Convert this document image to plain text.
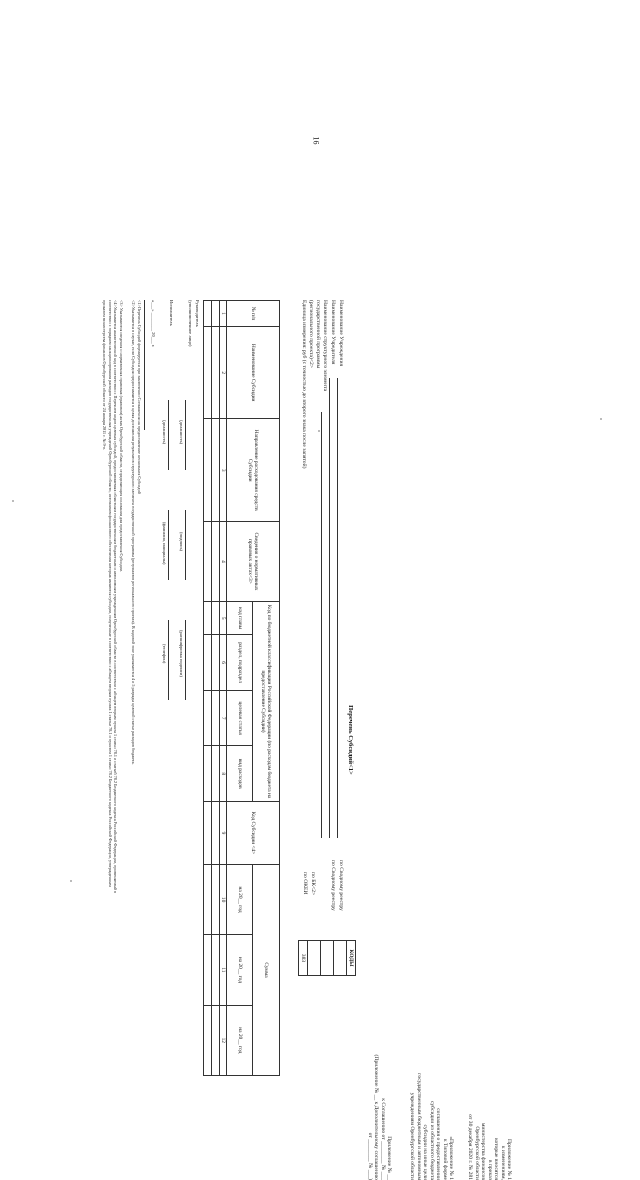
16
Приложение № 1
к изменениям,
которые вносятся
в приказ
министерства финансов
Оренбургской области
от 30 декабря 2020 г. № 281
«Приложение № 1
к Типовой форме
соглашения о предоставлении
субсидии из областного бюджета
субсидии на иные цели
государственным бюджетным и автономным
учреждениям Оренбургской области
Приложение № __
к Соглашению от ________ № ___
(Приложение № __ к Дополнительному соглашению
от ________ № ___)
Перечень Субсидий<1>
Наименование Учреждения
Наименование Учредителя
Наименование структурного элемента
государственной программы
(регионального проекта)<2>
Единица измерения: руб (с точностью до второго знака после запятой)
по Сводному реестру
по Сводному реестру
по БК<2>
по ОКЕИ
КОДЫ

383
№ п/п	Наименование Субсидии	Направление расходования средств Субсидии	Сведения о нормативных правовых актах<3>	Код по бюджетной классификации Российской Федерации (по расходам бюджета на предоставление Субсидии)				Код Субсидии <4>	Сумма		
				код главы	раздел, подраздел	целевая статья	вид расходов		на 20__ год	на 20__ год	на 20__ год
1	2	3	4	5	6	7	8	9	10	11	12

Руководитель
(уполномоченное лицо)
(должность)
(подпись)
(расшифровка подписи)
Исполнитель
(должность)
(фамилия, инициалы)
(телефон)
«___» ________ 20___ г.
<1>Перечень Субсидий формируется при заключении Соглашения на предоставление нескольких Субсидий
<2>Указывается в случае, если Субсидия предоставляется в целях достижения результатов структурного элемента государственной программы (результатов регионального проекта). В кодовой зоне указываются 4 и 5 разряды целевой статьи расходов бюджета.
<3> Указываются сведения о нормативных правовых (правовом) актах Оренбургской области, определяющих основания для предоставления Субсидии.
<4>Указывается аналитический код в соответствии с Перечнем кодов целевых субсидий, предоставляемых областным государственным бюджетным и автономным учреждениям Оренбургской области в соответствии с абзацем вторым пункта 1 статьи 78.1 и статьей 78.2 Бюджетного кодекса Российской Федерации, применяемый в соответствии с порядком санкционирования расходов государственных учреждений Оренбургской области, источником финансового обеспечения которых являются субсидии, полученные в соответствии с абзацем вторым пункта 1 статьи 78.1 и пунктом 1 статьи 78.2 Бюджетного кодекса Российской Федерации, утвержденным приказом министерства финансов Оренбургской области от 24 января 2011 г. № 9-п.
